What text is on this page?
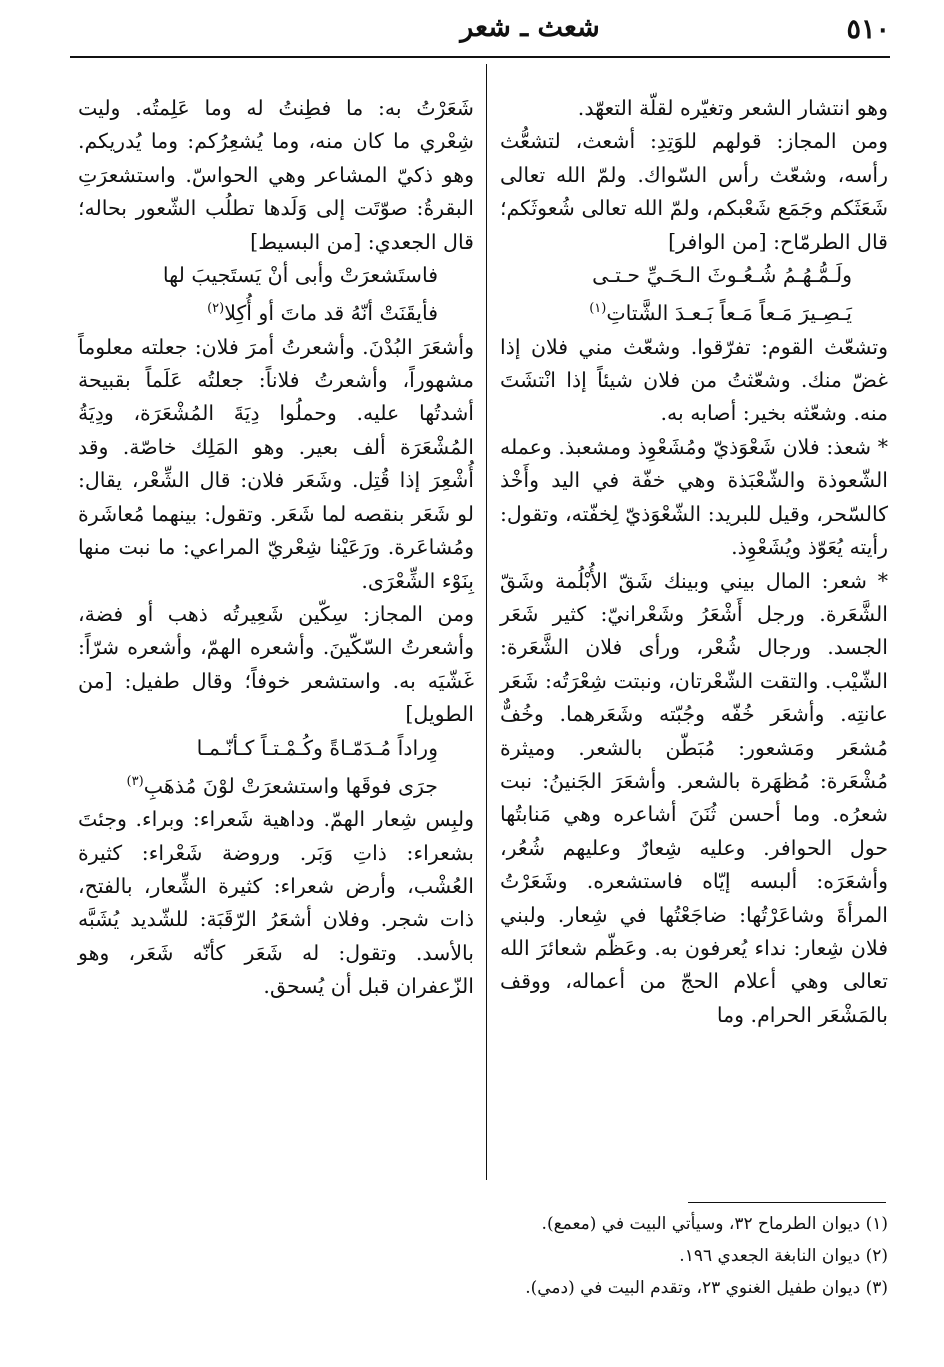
شعث ـ شعر	٥١٠

وهو انتشار الشعر وتغيّره لقلّة التعهّد.

ومن المجاز: قولهم للوَتِدِ: أشعث، لتشعُّث رأسه، وشعّث رأس السّواك. ولمّ الله تعالى شَعَثَكم وجَمَع شَعْبكم، ولمّ الله تعالى شُعوثَكم؛ قال الطرمّاح: [من الوافر]

ولَـمُّـهُـمُ شُـعُـوثَ الـحَـيِّ حـتـى

يَـصِـيرَ مَـعاً مَـعاً بَـعـدَ الشَّتاتِ$^{(١)}$

وتشعّث القوم: تفرّقوا. وشعّث مني فلان إذا غضّ منك. وشعّثتُ من فلان شيئاً إذا انْتشَتَ منه. وشعّثه بخير: أصابه به.

* شعذ: فلان شَعْوَذيّ ومُشَعْوِذ ومشعبذ. وعمله الشّعوذة والشّعْبَذة وهي خفّة في اليد وأَخْذ كالسّحر، وقيل للبريد: الشّعْوَذيّ لِخفّته، وتقول: رأيته يُعَوّذ ويُشَعْوِذ.

* شعر: المال بيني وبينك شَقّ الأُبْلُمة وشَقّ الشَّعَرة. ورجل أَشْعَرُ وشَعْرانيّ: كثير شَعَر الجسد. ورجال شُعْر، ورأى فلان الشَّعَرة: الشّيْب. والتقت الشّعْرتان، ونبتت شِعْرَتُه: شَعَر عانتِه. وأشعَر خُفّه وجُبّته وشَعَرهما. وخُفٌّ مُشعَر ومَشعور: مُبَطّن بالشعر. وميثرة مُشْعَرة: مُظهَرة بالشعر. وأشعَرَ الجَنينُ: نبت شعرُه. وما أحسن ثُنَنَ أشاعره وهي مَنابتُها حول الحوافر. وعليه شِعارٌ وعليهم شُعُر، وأشعَرَه: ألبسه إيّاه فاستشعره. وشَعَرْتُ المرأةَ وشاعَرْتُها: ضاجَعْتُها في شِعار. ولبني فلان شِعار: نداء يُعرفون به. وعَظّم شعائرَ الله تعالى وهي أعلام الحجّ من أعماله، ووقف بالمَشْعَر الحرام. وما

شَعَرْتُ به: ما فطِنتُ له وما عَلِمتُه. وليت شِعْري ما كان منه، وما يُشعِرُكم: وما يُدريكم. وهو ذكيّ المشاعر وهي الحواسّ. واستشعرَتِ البقرةُ: صوّتَت إلى وَلَدها تطلُب الشّعور بحاله؛ قال الجعدي: [من البسيط]

فاستَشعرَتْ وأبى أنْ يَستَجيبَ لها

فأيقَنَتْ أنّهُ قد ماتَ أو أُكِلا$^{(٢)}$

وأشعَرَ البُدْنَ. وأشعرتُ أمرَ فلان: جعلته معلوماً مشهوراً، وأشعرتُ فلاناً: جعلتُه عَلَماً بقبيحة أشدتُها عليه. وحملُوا دِيَةَ المُشْعَرَة، ودِيَةُ المُشْعَرَة ألف بعير. وهو المَلِك خاصّة. وقد أُشْعِرَ إذا قُتِل. وشَعَر فلان: قال الشِّعْر، يقال: لو شَعَر بنقصه لما شَعَر. وتقول: بينهما مُعاشَرة ومُشاعَرة. ورَعَيْنا شِعْريّ المراعي: ما نبت منها بِنَوْء الشِّعْرَى.

ومن المجاز: سِكّين شَعِيرتُه ذهب أو فضة، وأشعرتُ السّكّينَ. وأشعره الهمّ، وأشعره شرّاً: غَشّيَه به. واستشعر خوفاً؛ وقال طفيل: [من الطويل]

وِراداً مُـدَمّـاةً وكُـمْـتـاً كـأنّـمـا

جرَى فوقَها واستشعرَتْ لوْنَ مُذهَبِ$^{(٣)}$

ولبِس شِعار الهمّ. وداهية شَعراء: وبراء. وجئتَ بشعراء: ذاتِ وَبَر. وروضة شَعْراء: كثيرة العُشْب، وأرض شعراء: كثيرة الشِّعار، بالفتح، ذات شجر. وفلان أشعَرُ الرّقَبَة: للشّديد يُشَبَّه بالأسد. وتقول: له شَعَر كأنّه شَعَر، وهو الزّعفران قبل أن يُسحق.

(١) ديوان الطرماح ٣٢، وسيأتي البيت في (معمع).

(٢) ديوان النابغة الجعدي ١٩٦.

(٣) ديوان طفيل الغنوي ٢٣، وتقدم البيت في (دمي).
